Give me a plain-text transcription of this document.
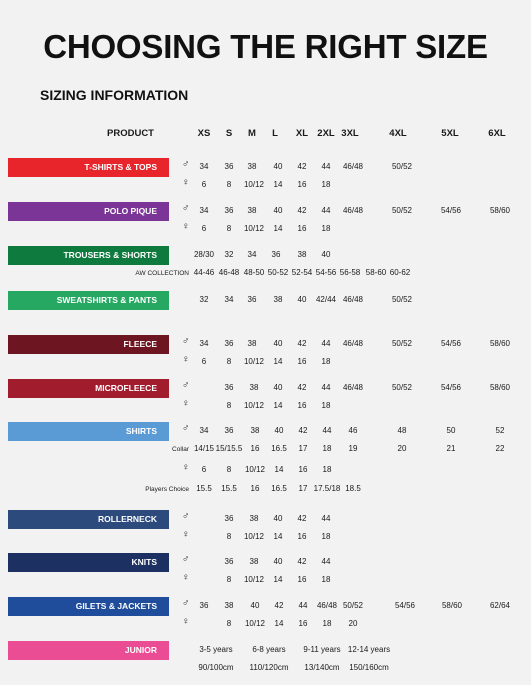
CHOOSING THE RIGHT SIZE
SIZING INFORMATION
PRODUCT	XS S M L XL 2XL 3XL	4XL	5XL	6XL
T-SHIRTS & TOPS	♂ 34 36 38 40 42 44 46/48	50/52
♀ 6	8 10/12 14 16 18
POLO PIQUE	♂ 34 36 38 40 42 44 46/48	50/52	54/56	58/60
♀ 6	8 10/12 14 16 18
TROUSERS & SHORTS	28/30 32 34 36 38 40
AW COLLECTION 44-46 46-48 48-50 50-52 52-54 54-56 56-58 58-60 60-62
SWEATSHIRTS & PANTS	32 34 36 38 40 42/44 46/48	50/52
FLEECE	♂ 34 36 38 40 42 44 46/48	50/52	54/56	58/60
♀ 6	8 10/12 14 16 18
MICROFLEECE	♂	36 38 40 42 44 46/48	50/52	54/56	58/60
♀	8 10/12 14 16 18
SHIRTS	♂ 34 36 38 40 42 44 46	48	50	52
Collar 14/15 15/15.5 16 16.5 17 18 19	20	21	22
♀ 6	8 10/12 14 16 18
Players Choice 15.5 15.5 16 16.5 17 17.5/18 18.5
ROLLERNECK	♂	36 38 40 42 44
♀	8 10/12 14 16 18
KNITS	♂	36 38 40 42 44
♀	8 10/12 14 16 18
GILETS & JACKETS	♂ 36 38 40 42 44 46/48 50/52	54/56	58/60	62/64
♀	8 10/12 14 16 18 20
JUNIOR	3-5 years 6-8 years 9-11 years 12-14 years
90/100cm 110/120cm 13/140cm 150/160cm
